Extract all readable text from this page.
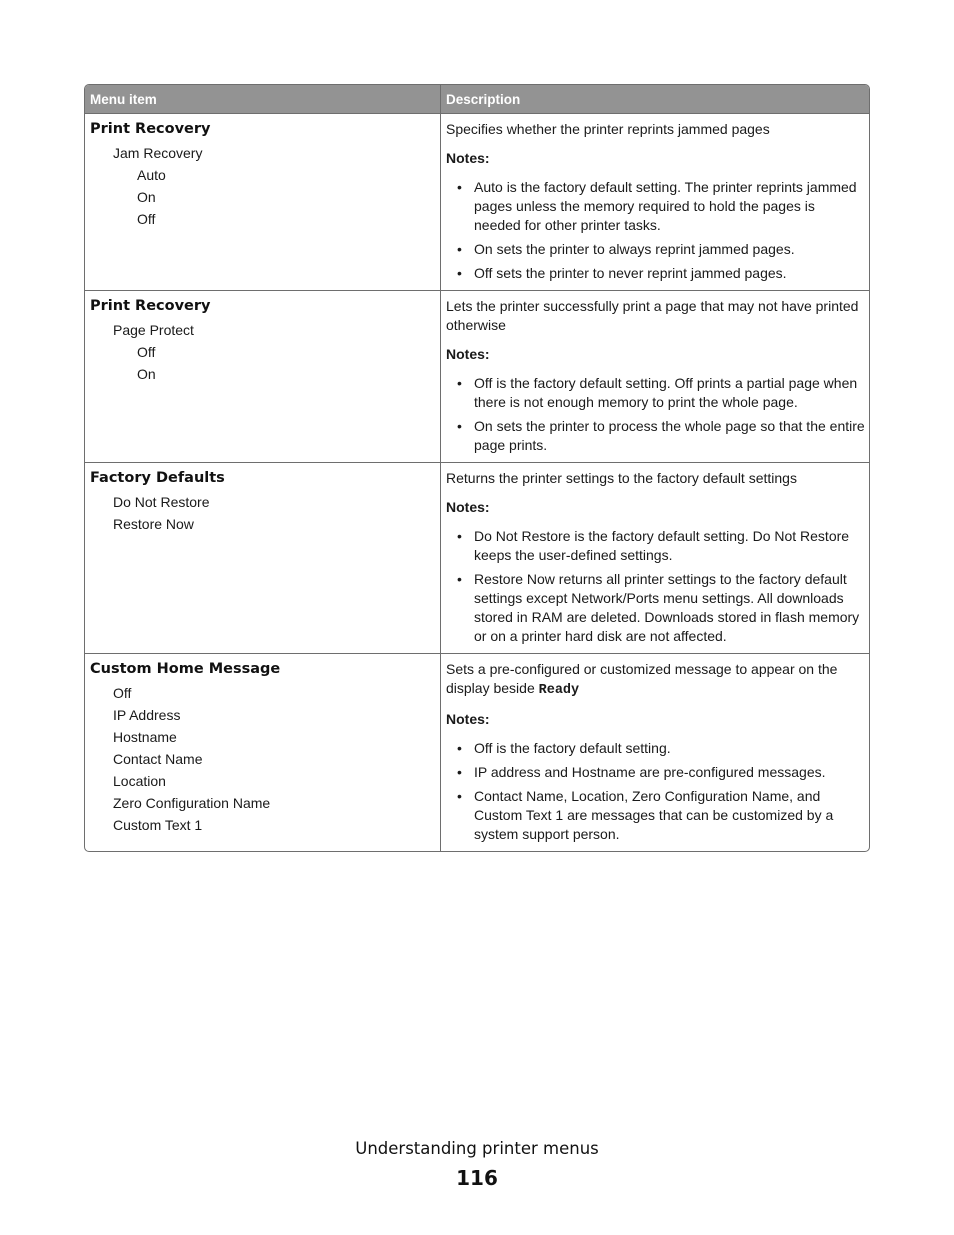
Menu item	Description
Print Recovery
Jam Recovery
Auto
On
Off

Specifies whether the printer reprints jammed pages

Notes:
• Auto is the factory default setting. The printer reprints jammed pages unless the memory required to hold the pages is needed for other printer tasks.
• On sets the printer to always reprint jammed pages.
• Off sets the printer to never reprint jammed pages.
Print Recovery
Page Protect
Off
On

Lets the printer successfully print a page that may not have printed otherwise

Notes:
• Off is the factory default setting. Off prints a partial page when there is not enough memory to print the whole page.
• On sets the printer to process the whole page so that the entire page prints.
Factory Defaults
Do Not Restore
Restore Now

Returns the printer settings to the factory default settings

Notes:
• Do Not Restore is the factory default setting. Do Not Restore keeps the user-defined settings.
• Restore Now returns all printer settings to the factory default settings except Network/Ports menu settings. All downloads stored in RAM are deleted. Downloads stored in flash memory or on a printer hard disk are not affected.
Custom Home Message
Off
IP Address
Hostname
Contact Name
Location
Zero Configuration Name
Custom Text 1

Sets a pre-configured or customized message to appear on the display beside Ready

Notes:
• Off is the factory default setting.
• IP address and Hostname are pre-configured messages.
• Contact Name, Location, Zero Configuration Name, and Custom Text 1 are messages that can be customized by a system support person.
Understanding printer menus
116
